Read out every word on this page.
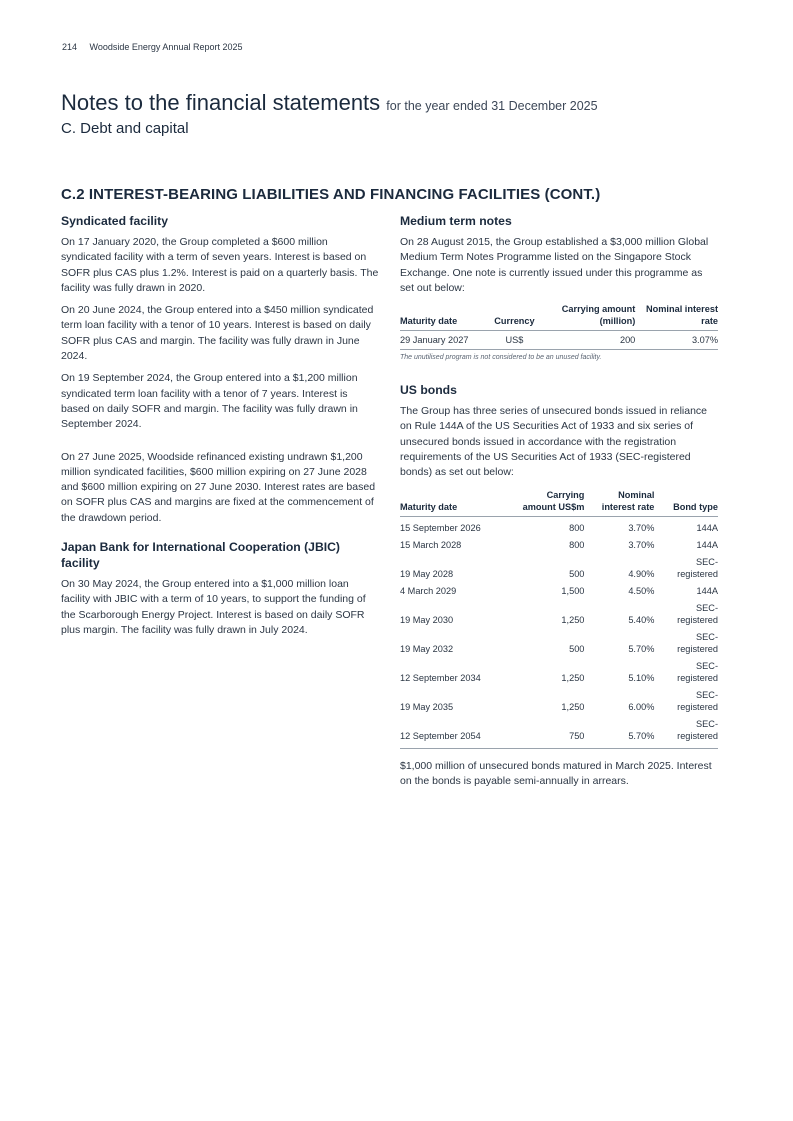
214 Woodside Energy Annual Report 2025
Notes to the financial statements for the year ended 31 December 2025
C. Debt and capital
C.2 INTEREST-BEARING LIABILITIES AND FINANCING FACILITIES (CONT.)
Syndicated facility

On 17 January 2020, the Group completed a $600 million syndicated facility with a term of seven years. Interest is based on SOFR plus CAS plus 1.2%. Interest is paid on a quarterly basis. The facility was fully drawn in 2020.

On 20 June 2024, the Group entered into a $450 million syndicated term loan facility with a tenor of 10 years. Interest is based on daily SOFR plus CAS and margin. The facility was fully drawn in June 2024.

On 19 September 2024, the Group entered into a $1,200 million syndicated term loan facility with a tenor of 7 years. Interest is based on daily SOFR and margin. The facility was fully drawn in September 2024.

On 27 June 2025, Woodside refinanced existing undrawn $1,200 million syndicated facilities, $600 million expiring on 27 June 2028 and $600 million expiring on 27 June 2030. Interest rates are based on SOFR plus CAS and margins are fixed at the commencement of the drawdown period.

Japan Bank for International Cooperation (JBIC) facility

On 30 May 2024, the Group entered into a $1,000 million loan facility with JBIC with a term of 10 years, to support the funding of the Scarborough Energy Project. Interest is based on daily SOFR plus margin. The facility was fully drawn in July 2024.

Medium term notes

On 28 August 2015, the Group established a $3,000 million Global Medium Term Notes Programme listed on the Singapore Stock Exchange. One note is currently issued under this programme as set out below:

Maturity date	Currency	Carrying amount (million)	Nominal interest rate
29 January 2027	US$	200	3.07%
The unutilised program is not considered to be an unused facility.
US bonds

The Group has three series of unsecured bonds issued in reliance on Rule 144A of the US Securities Act of 1933 and six series of unsecured bonds issued in accordance with the registration requirements of the US Securities Act of 1933 (SEC-registered bonds) as set out below:

Maturity date	Carrying amount US$m	Nominal interest rate	Bond type
15 September 2026	800	3.70%	144A
15 March 2028	800	3.70%	144A
19 May 2028	500	4.90%	SEC-registered
4 March 2029	1,500	4.50%	144A
19 May 2030	1,250	5.40%	SEC-registered
19 May 2032	500	5.70%	SEC-registered
12 September 2034	1,250	5.10%	SEC-registered
19 May 2035	1,250	6.00%	SEC-registered
12 September 2054	750	5.70%	SEC-registered

$1,000 million of unsecured bonds matured in March 2025. Interest on the bonds is payable semi-annually in arrears.
